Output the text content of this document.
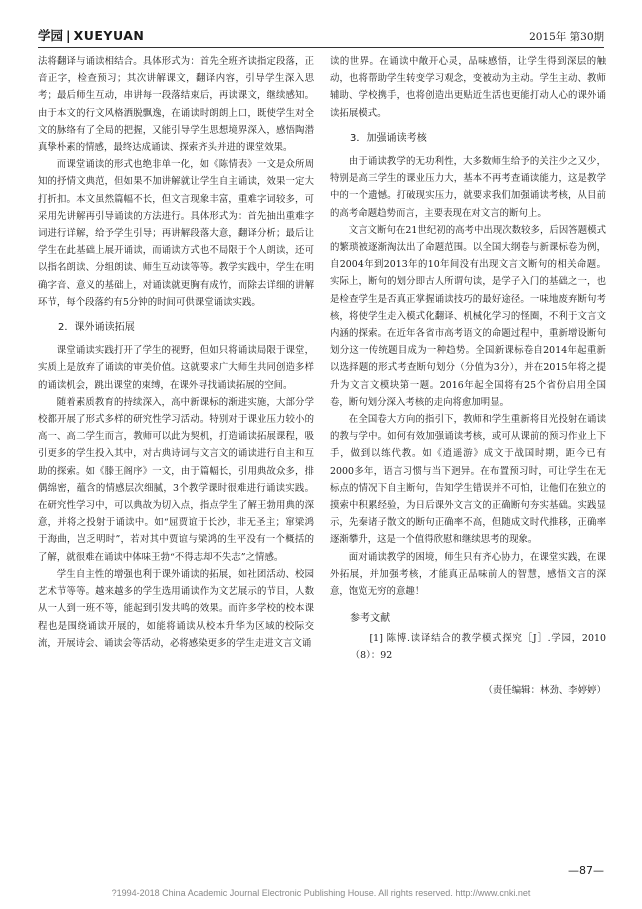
学园 | XUEYUAN	2015年 第30期

法将翻译与诵读相结合。具体形式为：首先全班齐读指定段落，正音正字，检查预习；其次讲解课文，翻译内容，引导学生深入思考；最后师生互动，串讲每一段落结束后，再读课文，继续感知。由于本文的行文风格洒脱飘逸，在诵读时朗朗上口，既使学生对全文的脉络有了全局的把握，又能引导学生思想境界深入，感悟陶潜真挚朴素的情感，最终达成诵读、探索齐头并进的课堂效果。

而课堂诵读的形式也绝非单一化，如《陈情表》一文是众所周知的抒情文典范，但如果不加讲解就让学生自主诵读，效果一定大打折扣。本文虽然篇幅不长，但文言现象丰富，重难字词较多，可采用先讲解再引导诵读的方法进行。具体形式为：首先抽出重难字词进行详解，给予学生引导；再讲解段落大意，翻译分析；最后让学生在此基础上展开诵读，而诵读方式也不局限于个人朗读，还可以指名朗读、分组朗读、师生互动读等等。教学实践中，学生在明确字音、意义的基础上，对诵读就更胸有成竹，而除去详细的讲解环节，每个段落约有5分钟的时间可供课堂诵读实践。

2．课外诵读拓展

课堂诵读实践打开了学生的视野，但如只将诵读局限于课堂，实质上是放弃了诵读的审美价值。这就要求广大师生共同创造多样的诵读机会，跳出课堂的束缚，在课外寻找诵读拓展的空间。

随着素质教育的持续深入，高中新课标的渐进实施，大部分学校都开展了形式多样的研究性学习活动。特别对于课业压力较小的高一、高二学生而言，教师可以此为契机，打造诵读拓展课程，吸引更多的学生投入其中，对古典诗词与文言文的诵读进行自主和互助的探索。如《滕王阁序》一文，由于篇幅长，引用典故众多，排偶绵密，蕴含的情感层次细腻，3个教学课时很难进行诵读实践。在研究性学习中，可以典故为切入点，指点学生了解王勃用典的深意，并将之投射于诵读中。如“屈贾谊于长沙，非无圣主；窜梁鸿于海曲，岂乏明时”，若对其中贾谊与梁鸿的生平没有一个概括的了解，就很难在诵读中体味王勃“不得志却不失志”之情感。

学生自主性的增强也利于课外诵读的拓展，如社团活动、校园艺术节等等。越来越多的学生选用诵读作为文艺展示的节目，人数从一人到一班不等，能起到引发共鸣的效果。而许多学校的校本课程也是围绕诵读开展的，如能将诵读从校本升华为区域的校际交流，开展诗会、诵读会等活动，必将感染更多的学生走进文言文诵

读的世界。在诵读中敞开心灵，品味感悟，让学生得到深层的触动，也将帮助学生转变学习观念，变被动为主动。学生主动、教师辅助、学校携手，也将创造出更贴近生活也更能打动人心的课外诵读拓展模式。

3．加强诵读考核

由于诵读教学的无功利性，大多数师生给予的关注少之又少，特别是高三学生的课业压力大，基本不再考查诵读能力，这是教学中的一个遗憾。打破现实压力，就要求我们加强诵读考核，从目前的高考命题趋势而言，主要表现在对文言的断句上。

文言文断句在21世纪初的高考中出现次数较多，后因答题模式的繁琐被逐渐淘汰出了命题范围。以全国大纲卷与新课标卷为例，自2004年到2013年的10年间没有出现文言文断句的相关命题。实际上，断句的划分即古人所谓句读，是学子入门的基础之一，也是检查学生是否真正掌握诵读技巧的最好途径。一味地废弃断句考核，将使学生走入模式化翻译、机械化学习的怪圈，不利于文言文内涵的探索。在近年各省市高考语文的命题过程中，重新增设断句划分这一传统题目成为一种趋势。全国新课标卷自2014年起重新以选择题的形式考查断句划分（分值为3分），并在2015年将之提升为文言文模块第一题。2016年起全国将有25个省份启用全国卷，断句划分深入考核的走向将愈加明显。

在全国卷大方向的指引下，教师和学生重新将目光投射在诵读的教与学中。如何有效加强诵读考核，或可从课前的预习作业上下手，做到以练代教。如《逍遥游》成文于战国时期，距今已有2000多年，语言习惯与当下迥异。在布置预习时，可让学生在无标点的情况下自主断句，告知学生错误并不可怕，让他们在独立的摸索中积累经验，为日后课外文言文的正确断句夯实基础。实践显示，先秦诸子散文的断句正确率不高，但随成文时代推移，正确率逐渐攀升，这是一个值得欣慰和继续思考的现象。

面对诵读教学的困境，师生只有齐心协力，在课堂实践，在课外拓展，并加强考核，才能真正品味前人的智慧，感悟文言的深意，饱览无穷的意趣！

参考文献

[1] 陈博.读译结合的教学模式探究［J］.学园，2010（8）：92

（责任编辑：林劲、李婷婷）
—87—
?1994-2018 China Academic Journal Electronic Publishing House. All rights reserved. http://www.cnki.net
